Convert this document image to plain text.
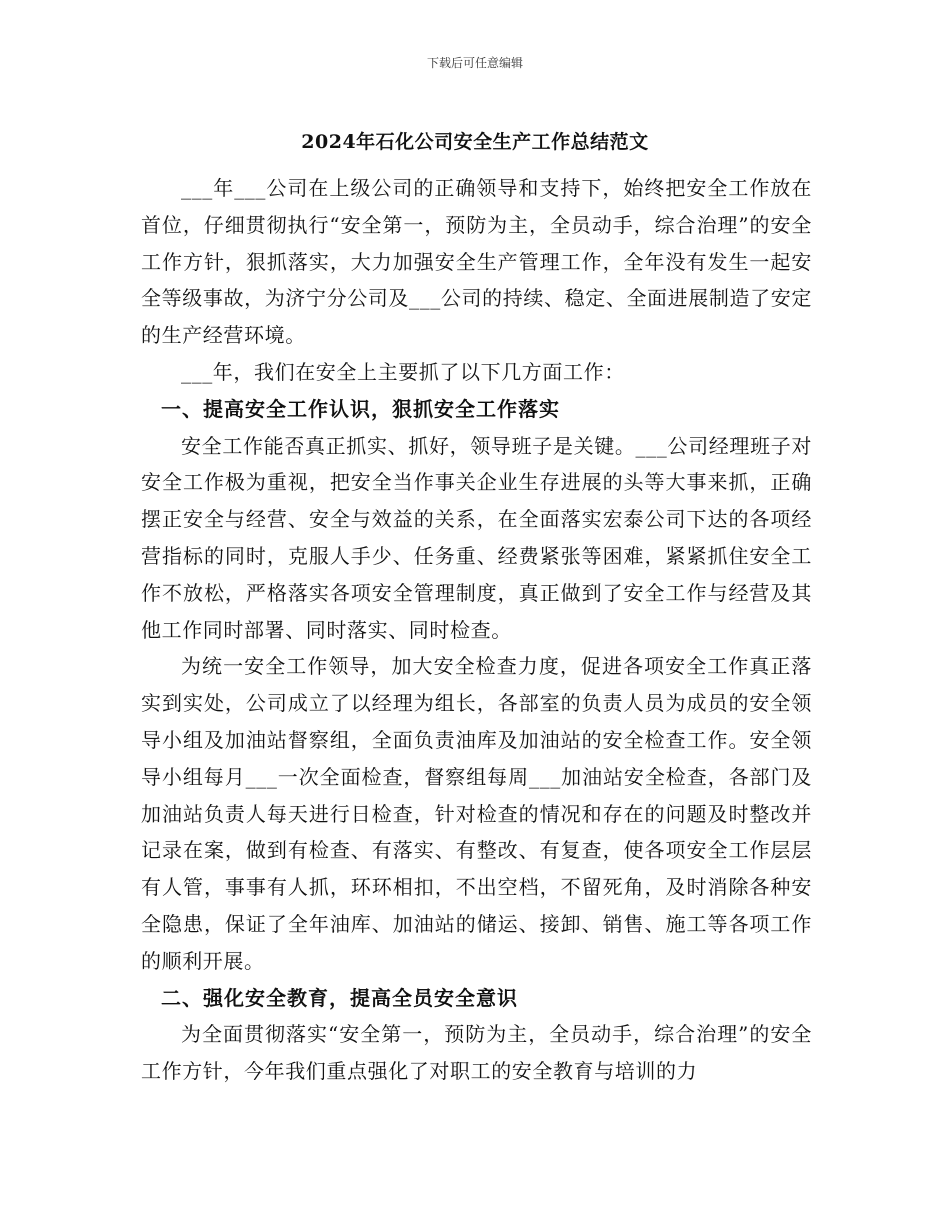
下载后可任意编辑
2024年石化公司安全生产工作总结范文

___年___公司在上级公司的正确领导和支持下，始终把安全工作放在首位，仔细贯彻执行“安全第一，预防为主，全员动手，综合治理”的安全工作方针，狠抓落实，大力加强安全生产管理工作，全年没有发生一起安全等级事故，为济宁分公司及___公司的持续、稳定、全面进展制造了安定的生产经营环境。

___年，我们在安全上主要抓了以下几方面工作：

一、提高安全工作认识，狠抓安全工作落实

安全工作能否真正抓实、抓好，领导班子是关键。___公司经理班子对安全工作极为重视，把安全当作事关企业生存进展的头等大事来抓，正确摆正安全与经营、安全与效益的关系，在全面落实宏泰公司下达的各项经营指标的同时，克服人手少、任务重、经费紧张等困难，紧紧抓住安全工作不放松，严格落实各项安全管理制度，真正做到了安全工作与经营及其他工作同时部署、同时落实、同时检查。

为统一安全工作领导，加大安全检查力度，促进各项安全工作真正落实到实处，公司成立了以经理为组长，各部室的负责人员为成员的安全领导小组及加油站督察组，全面负责油库及加油站的安全检查工作。安全领导小组每月___一次全面检查，督察组每周___加油站安全检查，各部门及加油站负责人每天进行日检查，针对检查的情况和存在的问题及时整改并记录在案，做到有检查、有落实、有整改、有复查，使各项安全工作层层有人管，事事有人抓，环环相扣，不出空档，不留死角，及时消除各种安全隐患，保证了全年油库、加油站的储运、接卸、销售、施工等各项工作的顺利开展。

二、强化安全教育，提高全员安全意识

为全面贯彻落实“安全第一，预防为主，全员动手，综合治理”的安全工作方针，今年我们重点强化了对职工的安全教育与培训的力
